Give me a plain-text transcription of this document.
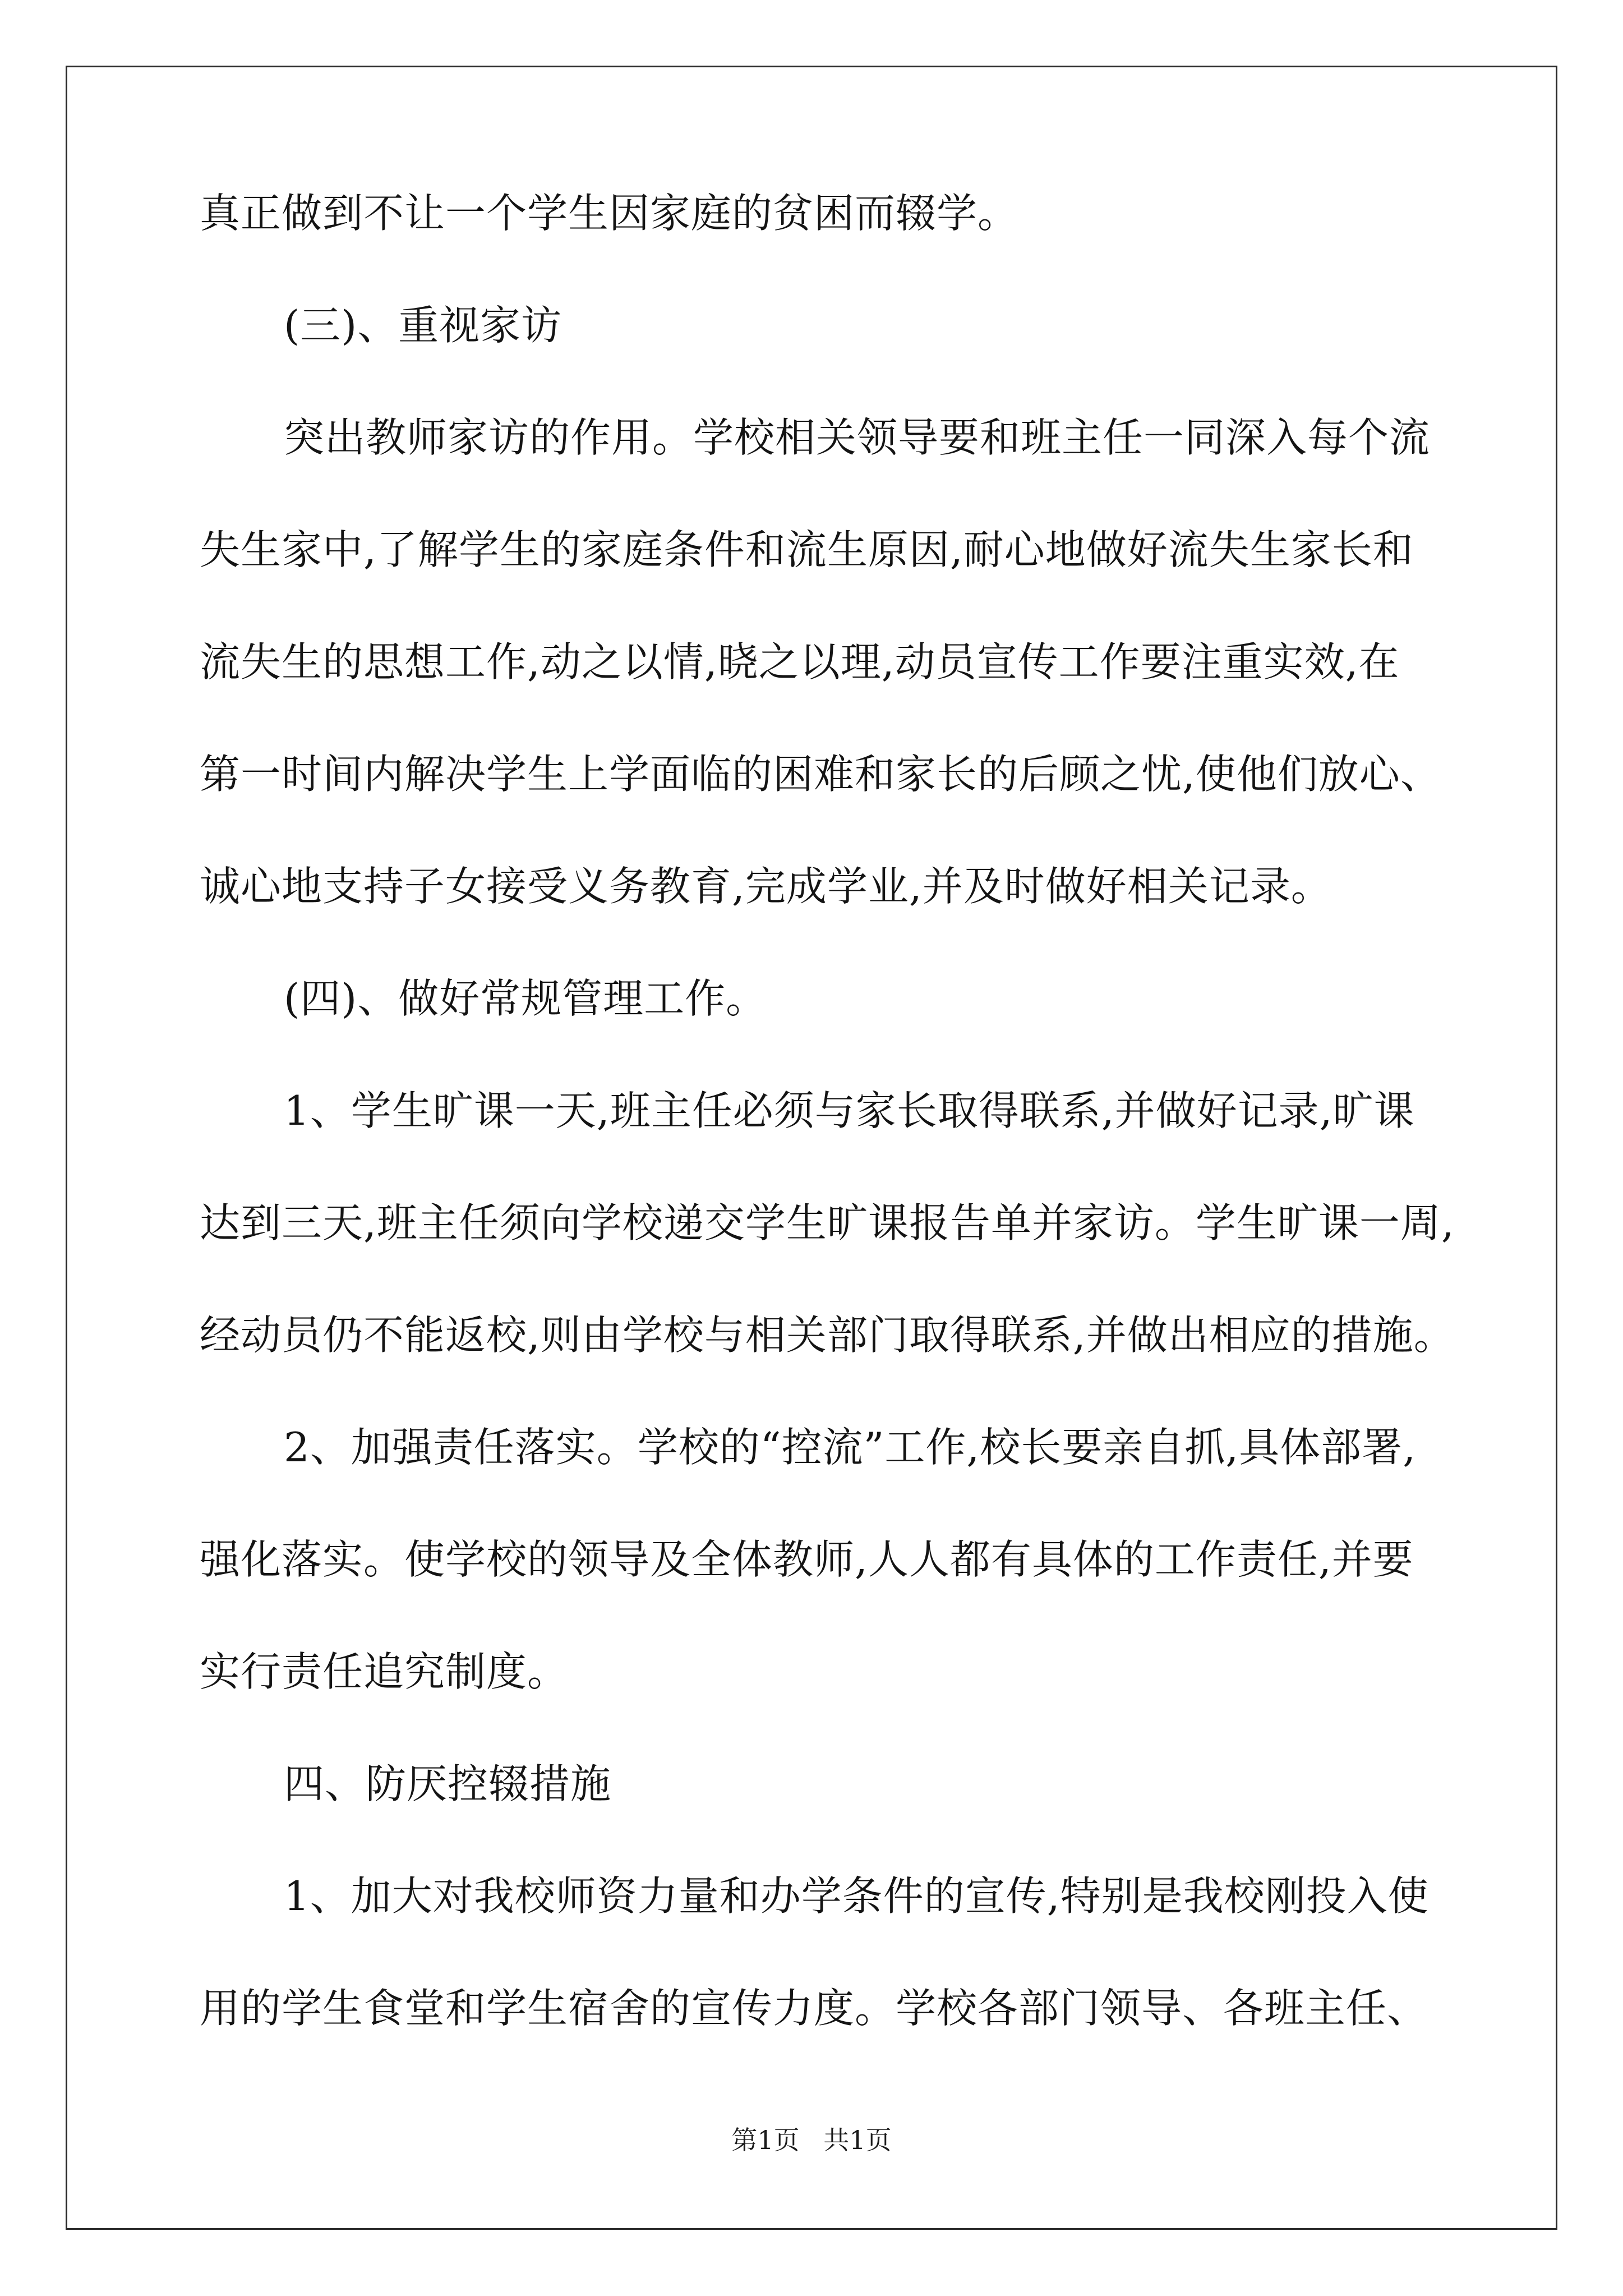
真正做到不让一个学生因家庭的贫困而辍学。
(三)、重视家访
突出教师家访的作用。学校相关领导要和班主任一同深入每个流
失生家中,了解学生的家庭条件和流生原因,耐心地做好流失生家长和
流失生的思想工作,动之以情,晓之以理,动员宣传工作要注重实效,在
第一时间内解决学生上学面临的困难和家长的后顾之忧,使他们放心、
诚心地支持子女接受义务教育,完成学业,并及时做好相关记录。
(四)、做好常规管理工作。
1、学生旷课一天,班主任必须与家长取得联系,并做好记录,旷课
达到三天,班主任须向学校递交学生旷课报告单并家访。学生旷课一周,
经动员仍不能返校,则由学校与相关部门取得联系,并做出相应的措施。
2、加强责任落实。学校的“控流”工作,校长要亲自抓,具体部署,
强化落实。使学校的领导及全体教师,人人都有具体的工作责任,并要
实行责任追究制度。
四、防厌控辍措施
1、加大对我校师资力量和办学条件的宣传,特别是我校刚投入使
用的学生食堂和学生宿舍的宣传力度。学校各部门领导、各班主任、
第1页 共1页
